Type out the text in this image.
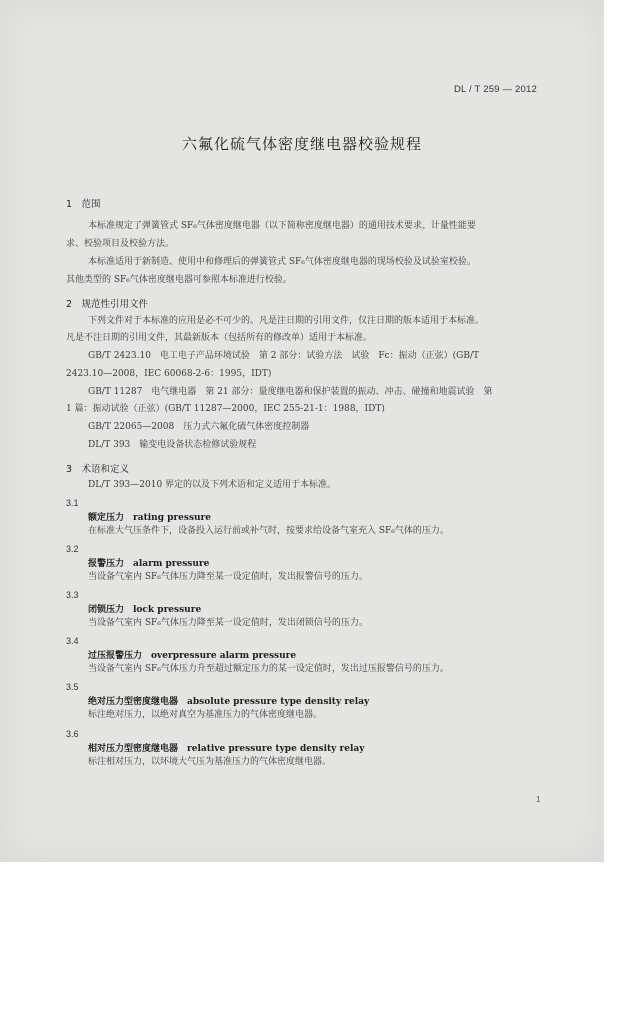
DL / T 259 — 2012
六氟化硫气体密度继电器校验规程
1　范围
本标准规定了弹簧管式 SF₆气体密度继电器（以下简称密度继电器）的通用技术要求、计量性能要
求、校验项目及校验方法。
本标准适用于新制造、使用中和修理后的弹簧管式 SF₆气体密度继电器的现场校验及试验室校验。
其他类型的 SF₆气体密度继电器可参照本标准进行校验。
2　规范性引用文件
下列文件对于本标准的应用是必不可少的。凡是注日期的引用文件，仅注日期的版本适用于本标准。
凡是不注日期的引用文件，其最新版本（包括所有的修改单）适用于本标准。
GB/T 2423.10　电工电子产品环境试验　第 2 部分：试验方法　试验　Fc：振动（正弦）(GB/T
2423.10—2008，IEC 60068-2-6：1995，IDT)
GB/T 11287　电气继电器　第 21 部分：量度继电器和保护装置的振动、冲击、碰撞和地震试验　第
1 篇：振动试验（正弦）(GB/T 11287—2000，IEC 255-21-1：1988，IDT)
GB/T 22065—2008　压力式六氟化硫气体密度控制器
DL/T 393　输变电设备状态检修试验规程
3　术语和定义
DL/T 393—2010 界定的以及下列术语和定义适用于本标准。
3.1
额定压力　rating pressure
在标准大气压条件下，设备投入运行前或补气时，按要求给设备气室充入 SF₆气体的压力。
3.2
报警压力　alarm pressure
当设备气室内 SF₆气体压力降至某一设定值时，发出报警信号的压力。
3.3
闭锁压力　lock pressure
当设备气室内 SF₆气体压力降至某一设定值时，发出闭锁信号的压力。
3.4
过压报警压力　overpressure alarm pressure
当设备气室内 SF₆气体压力升至超过额定压力的某一设定值时，发出过压报警信号的压力。
3.5
绝对压力型密度继电器　absolute pressure type density relay
标注绝对压力，以绝对真空为基准压力的气体密度继电器。
3.6
相对压力型密度继电器　relative pressure type density relay
标注相对压力，以环境大气压为基准压力的气体密度继电器。
1
